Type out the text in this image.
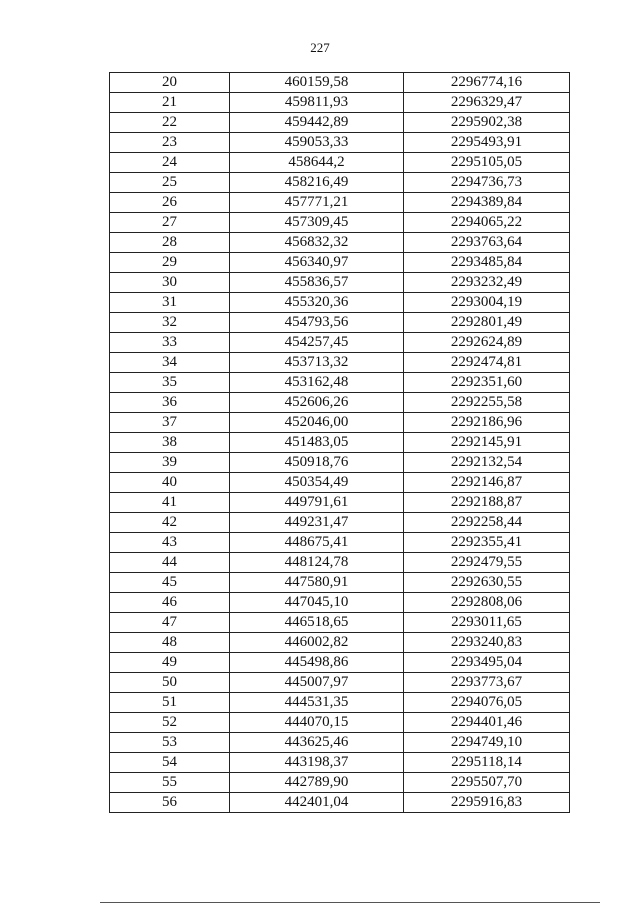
227
20	460159,58	2296774,16
21	459811,93	2296329,47
22	459442,89	2295902,38
23	459053,33	2295493,91
24	458644,2	2295105,05
25	458216,49	2294736,73
26	457771,21	2294389,84
27	457309,45	2294065,22
28	456832,32	2293763,64
29	456340,97	2293485,84
30	455836,57	2293232,49
31	455320,36	2293004,19
32	454793,56	2292801,49
33	454257,45	2292624,89
34	453713,32	2292474,81
35	453162,48	2292351,60
36	452606,26	2292255,58
37	452046,00	2292186,96
38	451483,05	2292145,91
39	450918,76	2292132,54
40	450354,49	2292146,87
41	449791,61	2292188,87
42	449231,47	2292258,44
43	448675,41	2292355,41
44	448124,78	2292479,55
45	447580,91	2292630,55
46	447045,10	2292808,06
47	446518,65	2293011,65
48	446002,82	2293240,83
49	445498,86	2293495,04
50	445007,97	2293773,67
51	444531,35	2294076,05
52	444070,15	2294401,46
53	443625,46	2294749,10
54	443198,37	2295118,14
55	442789,90	2295507,70
56	442401,04	2295916,83
